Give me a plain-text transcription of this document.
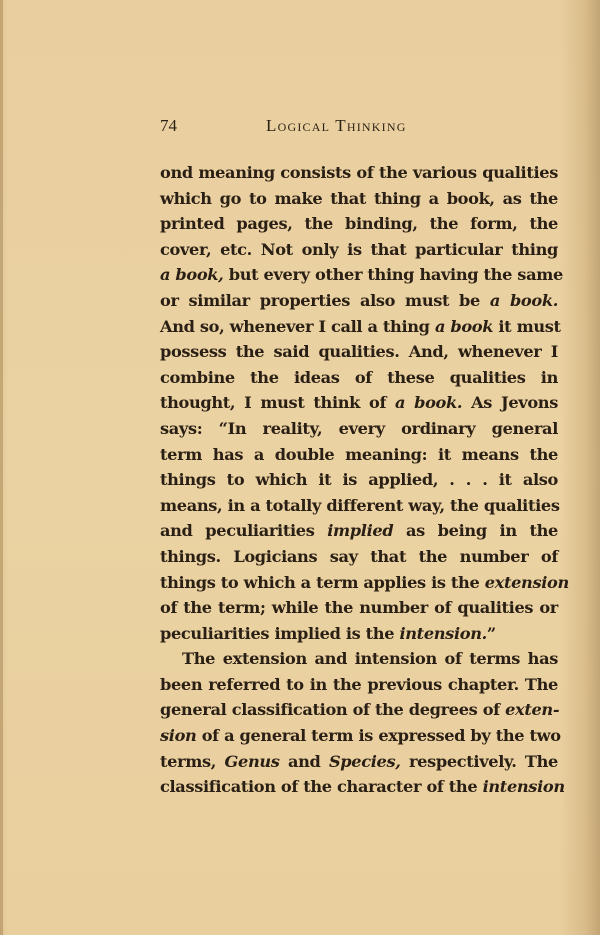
74	Logical Thinking
ond meaning consists of the various qualities
which go to make that thing a book, as the
printed pages, the binding, the form, the
cover, etc. Not only is that particular thing
a book, but every other thing having the same
or similar properties also must be a book.
And so, whenever I call a thing a book it must
possess the said qualities. And, whenever I
combine the ideas of these qualities in
thought, I must think of a book. As Jevons
says: “In reality, every ordinary general
term has a double meaning: it means the
things to which it is applied, . . . it also
means, in a totally different way, the qualities
and peculiarities implied as being in the
things. Logicians say that the number of
things to which a term applies is the extension
of the term; while the number of qualities or
peculiarities implied is the intension.”
The extension and intension of terms has
been referred to in the previous chapter. The
general classification of the degrees of exten-
sion of a general term is expressed by the two
terms, Genus and Species, respectively. The
classification of the character of the intension
